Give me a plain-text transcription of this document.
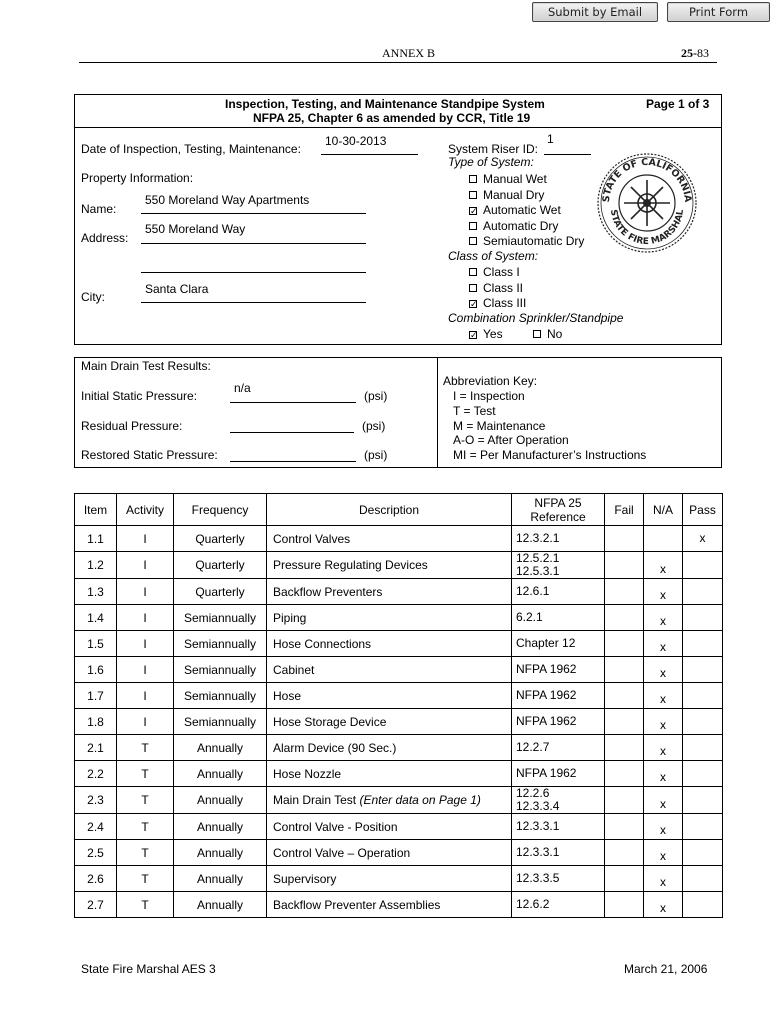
Submit by Email	Print Form
ANNEX B	25-83
Inspection, Testing, and Maintenance Standpipe System
NFPA 25, Chapter 6 as amended by CCR, Title 19
Page 1 of 3
Date of Inspection, Testing, Maintenance:
10-30-2013
Property Information:
Name:
550 Moreland Way Apartments
Address:
550 Moreland Way
City:
Santa Clara
System Riser ID:
1
Type of System:
Manual Wet
Manual Dry
✓ Automatic Wet
Automatic Dry
Semiautomatic Dry
Class of System:
Class I
Class II
✓ Class III
Combination Sprinkler/Standpipe
✓ Yes	No
STATE OF CALIFORNIA
STATE FIRE MARSHAL
Main Drain Test Results:
Initial Static Pressure:
n/a
(psi)
Residual Pressure:	(psi)
Restored Static Pressure:	(psi)
Abbreviation Key:
I = Inspection
T = Test
M = Maintenance
A-O = After Operation
MI = Per Manufacturer’s Instructions
Item	Activity	Frequency	Description	NFPA 25
Reference	Fail	N/A	Pass
1.1	I	Quarterly	Control Valves	12.3.2.1			x
1.2	I	Quarterly	Pressure Regulating Devices	12.5.2.1
12.5.3.1		x	
1.3	I	Quarterly	Backflow Preventers	12.6.1		x	
1.4	I	Semiannually	Piping	6.2.1		x	
1.5	I	Semiannually	Hose Connections	Chapter 12		x	
1.6	I	Semiannually	Cabinet	NFPA 1962		x	
1.7	I	Semiannually	Hose	NFPA 1962		x	
1.8	I	Semiannually	Hose Storage Device	NFPA 1962		x	
2.1	T	Annually	Alarm Device (90 Sec.)	12.2.7		x	
2.2	T	Annually	Hose Nozzle	NFPA 1962		x	
2.3	T	Annually	Main Drain Test (Enter data on Page 1)	12.2.6
12.3.3.4		x	
2.4	T	Annually	Control Valve - Position	12.3.3.1		x	
2.5	T	Annually	Control Valve – Operation	12.3.3.1		x	
2.6	T	Annually	Supervisory	12.3.3.5		x	
2.7	T	Annually	Backflow Preventer Assemblies	12.6.2		x	
State Fire Marshal AES 3	March 21, 2006
